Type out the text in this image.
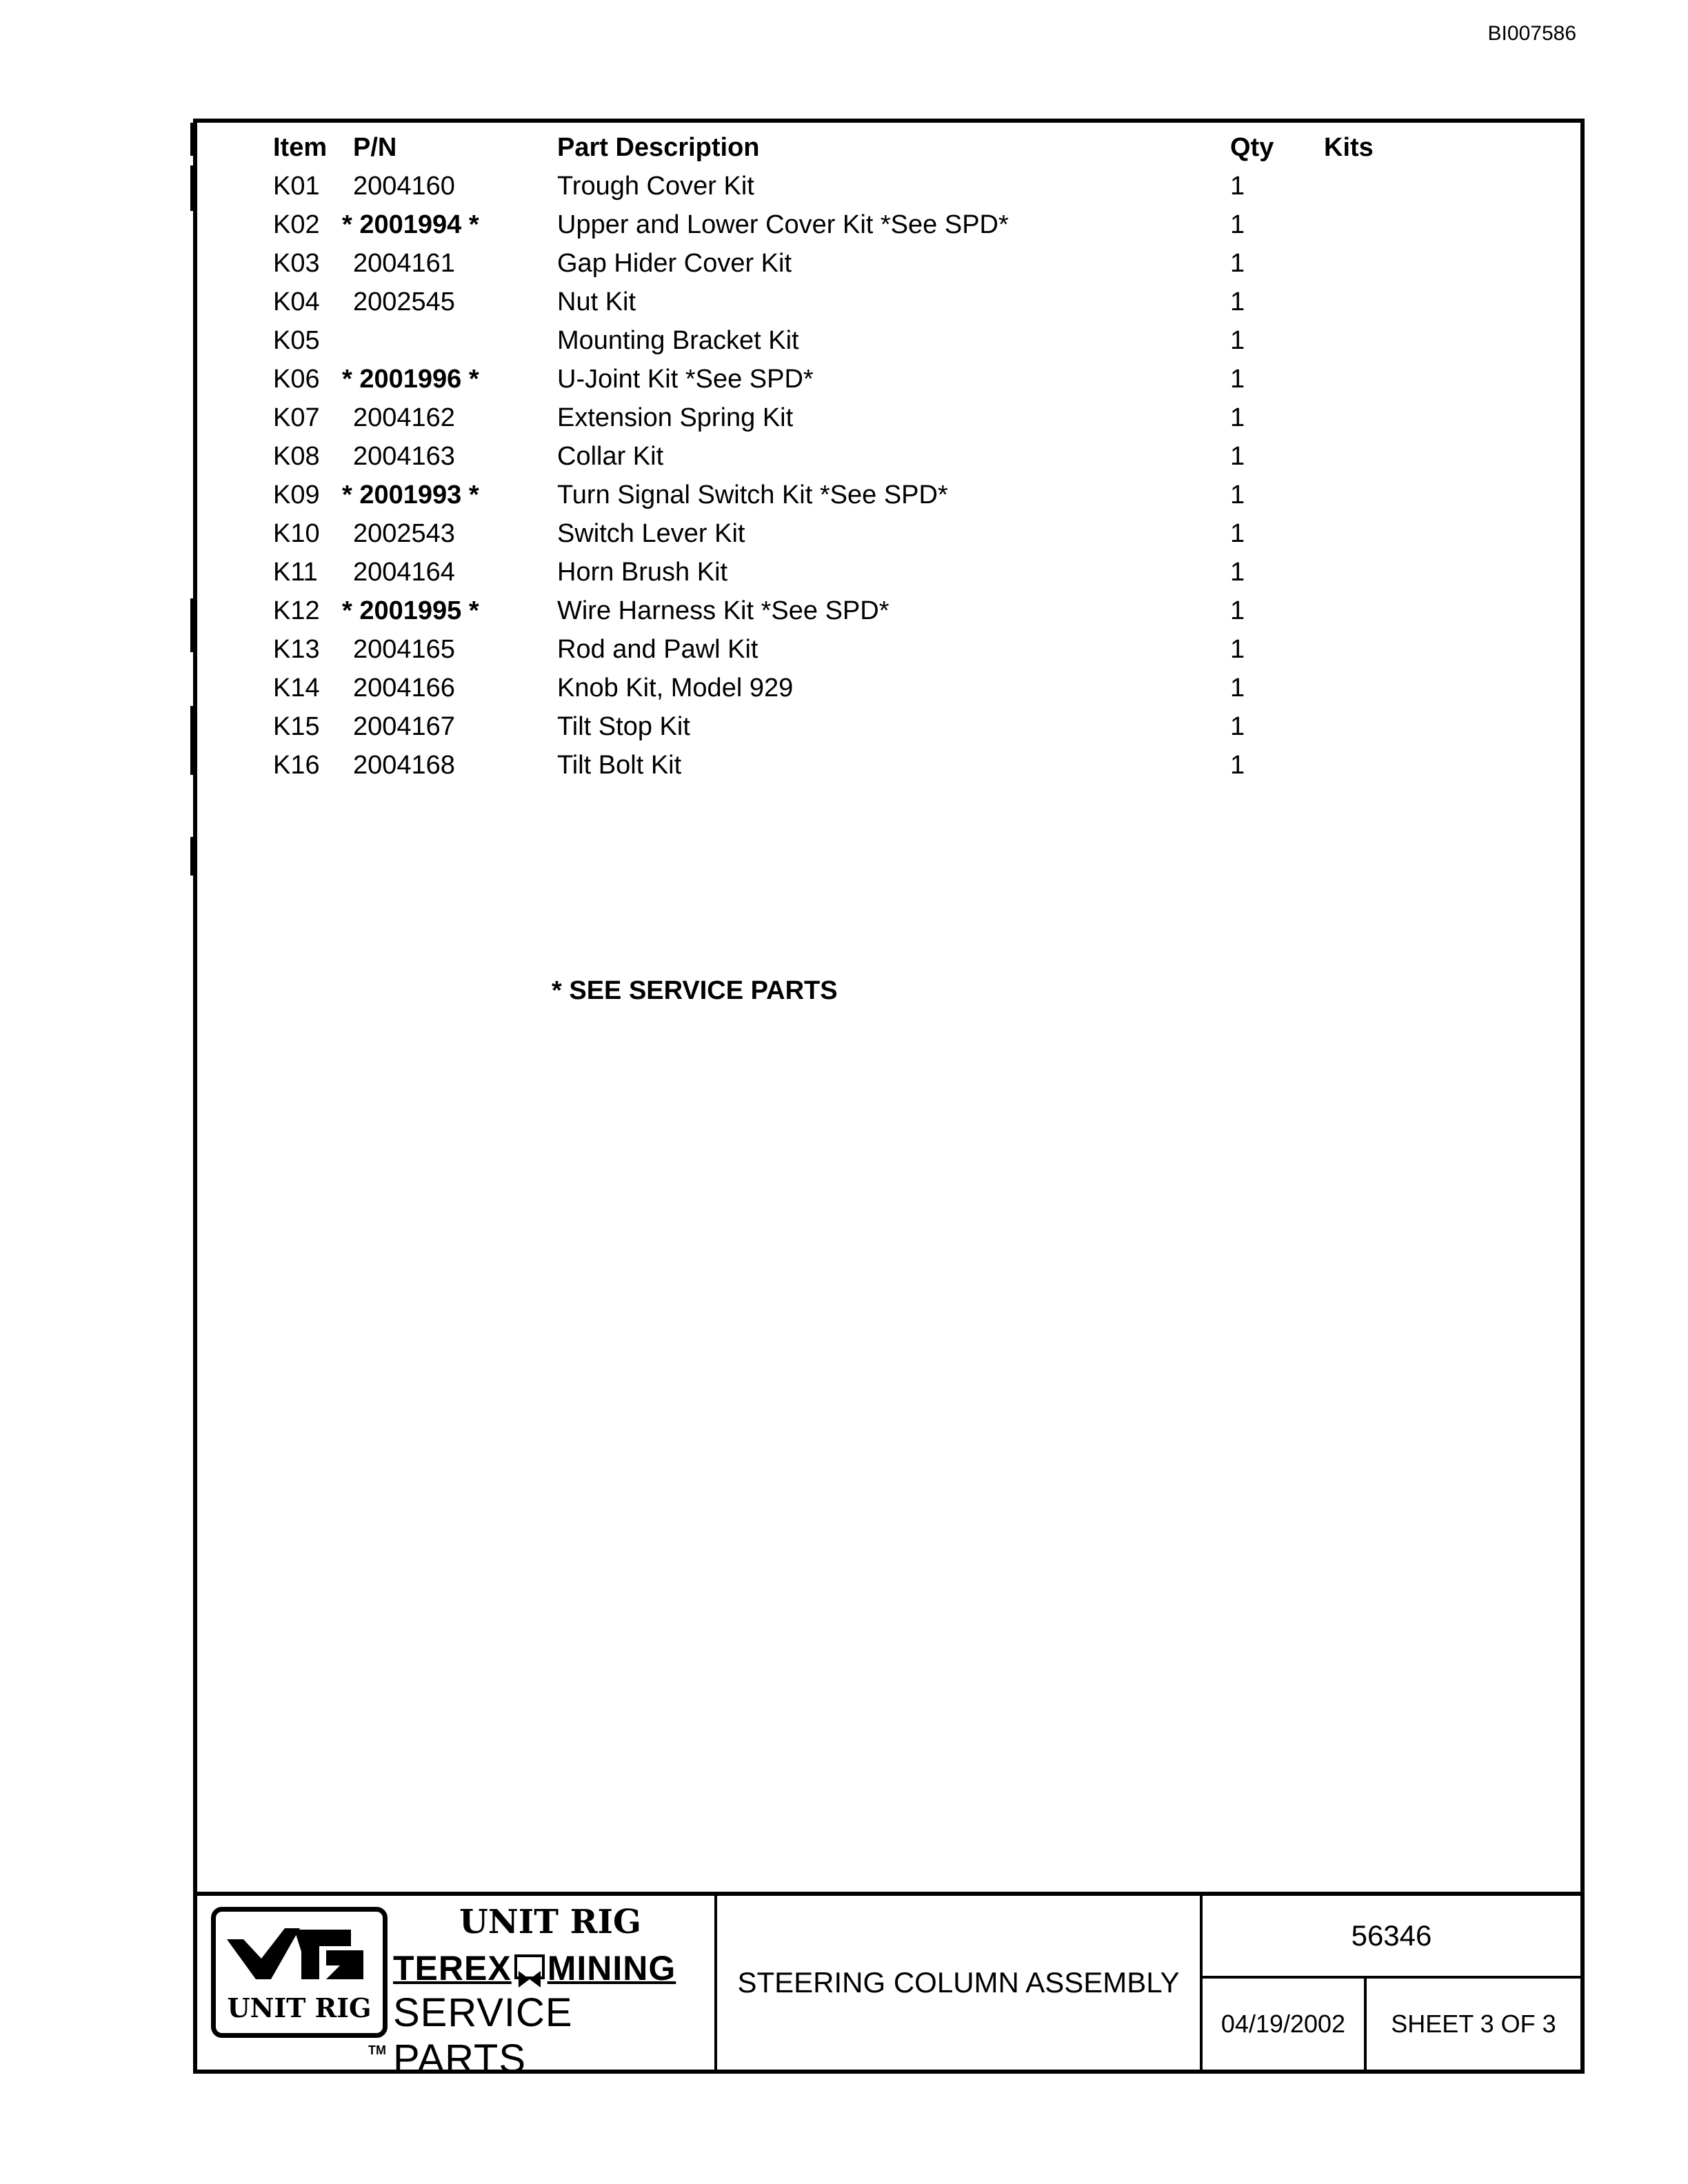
BI007586
Item P/N	Part Description	Qty Kits
K01 2004160	Trough Cover Kit	1
K02 * 2001994 *	Upper and Lower Cover Kit *See SPD*	1
K03 2004161	Gap Hider Cover Kit	1
K04 2002545	Nut Kit	1
K05	Mounting Bracket Kit	1
K06 * 2001996 *	U-Joint Kit *See SPD*	1
K07 2004162	Extension Spring Kit	1
K08 2004163	Collar Kit	1
K09 * 2001993 *	Turn Signal Switch Kit *See SPD*	1
K10 2002543	Switch Lever Kit	1
K11 2004164	Horn Brush Kit	1
K12 * 2001995 *	Wire Harness Kit *See SPD*	1
K13 2004165	Rod and Pawl Kit	1
K14 2004166	Knob Kit, Model 929	1
K15 2004167	Tilt Stop Kit	1
K16 2004168	Tilt Bolt Kit	1
* SEE SERVICE PARTS
UNIT RIG
TM
UNIT RIG
TEREX MINING
SERVICE PARTS
STEERING COLUMN ASSEMBLY
56346
04/19/2002	SHEET 3 OF 3
